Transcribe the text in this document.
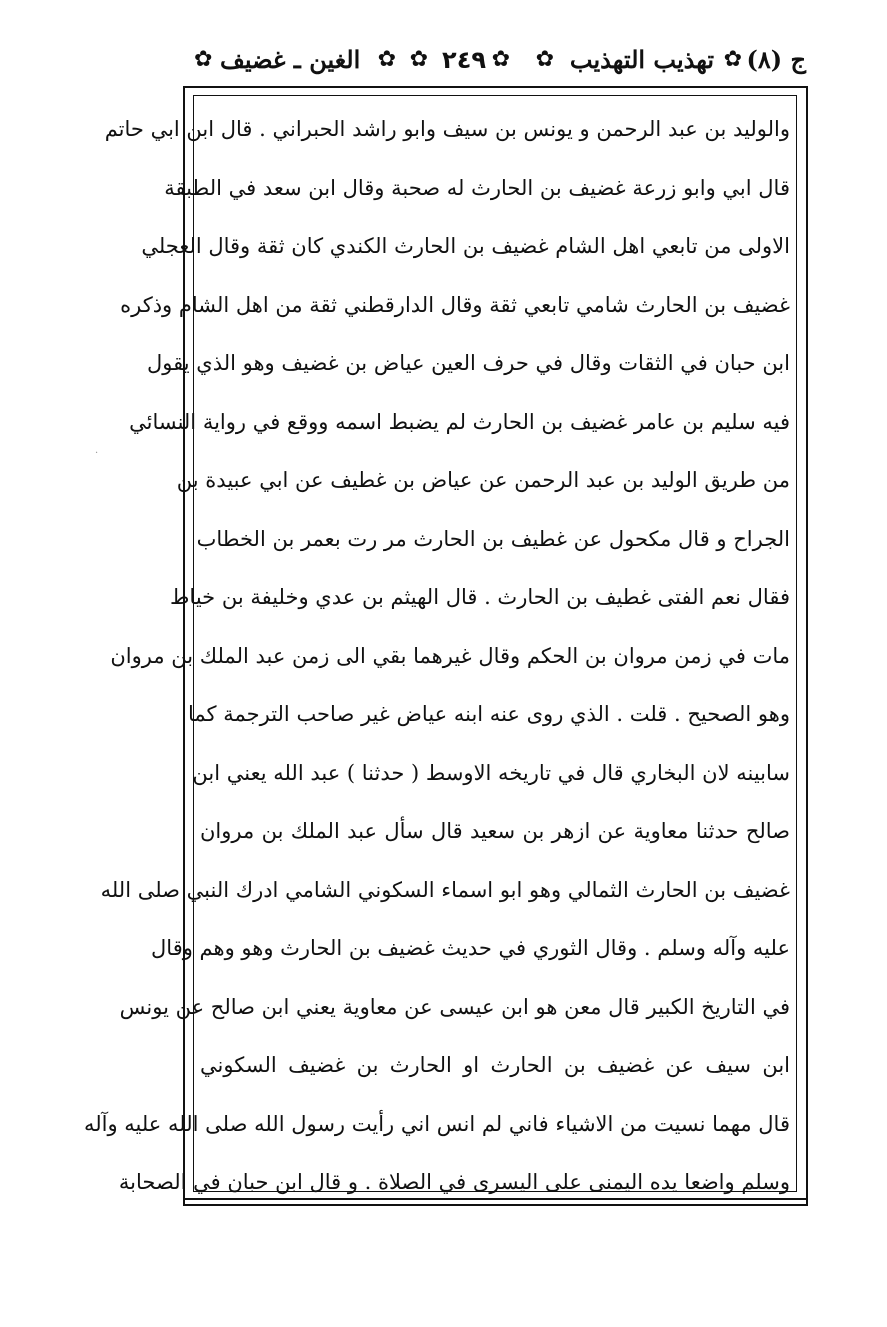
ج (٨)
✿
تهذيب التهذيب
✿
✿
٢٤٩
✿
✿
الغين ـ غضيف
✿
والوليد بن عبد الرحمن و يونس بن سيف وابو راشد الحبراني . قال ابن ابي حاتم
قال ابي وابو زرعة غضيف بن الحارث له صحبة وقال ابن سعد في الطبقة
الاولى من تابعي اهل الشام غضيف بن الحارث الكندي كان ثقة وقال العجلي
غضيف بن الحارث شامي تابعي ثقة وقال الدارقطني ثقة من اهل الشام وذكره
ابن حبان في الثقات وقال في حرف العين عياض بن غضيف وهو الذي يقول
فيه سليم بن عامر غضيف بن الحارث لم يضبط اسمه ووقع في رواية النسائي
من طريق الوليد بن عبد الرحمن عن عياض بن غطيف عن ابي عبيدة بن
الجراح و قال مكحول عن غطيف بن الحارث مر رت بعمر بن الخطاب
فقال نعم الفتى غطيف بن الحارث . قال الهيثم بن عدي وخليفة بن خياط
مات في زمن مروان بن الحكم وقال غيرهما بقي الى زمن عبد الملك بن مروان
وهو الصحيح . قلت . الذي روى عنه ابنه عياض غير صاحب الترجمة كما
سابينه لان البخاري قال في تاريخه الاوسط ( حدثنا ) عبد الله يعني ابن
صالح حدثنا معاوية عن ازهر بن سعيد قال سأل عبد الملك بن مروان
غضيف بن الحارث الثمالي وهو ابو اسماء السكوني الشامي ادرك النبي صلى الله
عليه وآله وسلم . وقال الثوري في حديث غضيف بن الحارث وهو وهم وقال
في التاريخ الكبير قال معن هو ابن عيسى عن معاوية يعني ابن صالح عن يونس
ابن سيف عن غضيف بن الحارث او الحارث بن غضيف السكوني
قال مهما نسيت من الاشياء فاني لم انس اني رأيت رسول الله صلى الله عليه وآله
وسلم واضعا يده اليمنى على اليسرى في الصلاة . و قال ابن حبان في الصحابة
·
